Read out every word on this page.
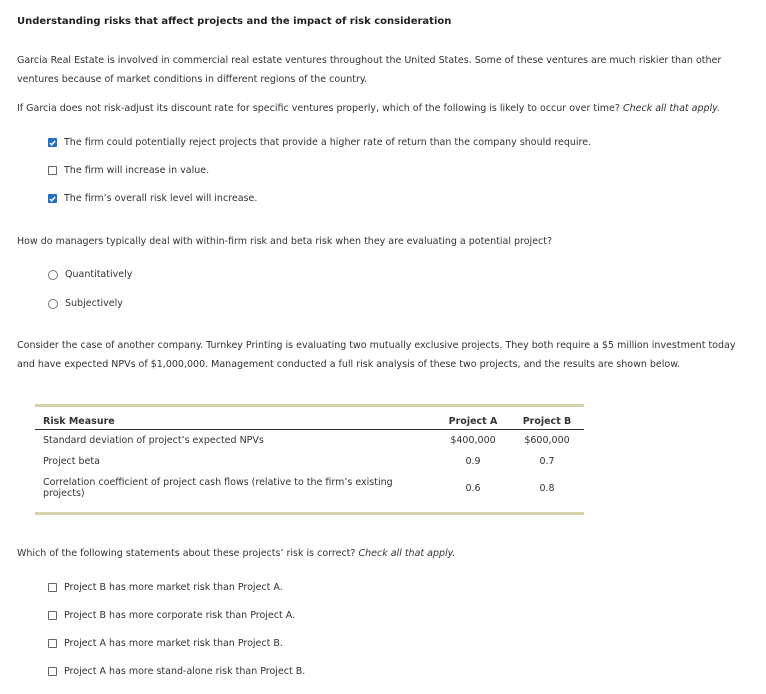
Understanding risks that affect projects and the impact of risk consideration
Garcia Real Estate is involved in commercial real estate ventures throughout the United States. Some of these ventures are much riskier than other ventures because of market conditions in different regions of the country.
If Garcia does not risk-adjust its discount rate for specific ventures properly, which of the following is likely to occur over time? Check all that apply.
The firm could potentially reject projects that provide a higher rate of return than the company should require.
The firm will increase in value.
The firm’s overall risk level will increase.
How do managers typically deal with within-firm risk and beta risk when they are evaluating a potential project?
Quantitatively
Subjectively
Consider the case of another company. Turnkey Printing is evaluating two mutually exclusive projects. They both require a $5 million investment today and have expected NPVs of $1,000,000. Management conducted a full risk analysis of these two projects, and the results are shown below.
Risk Measure	Project A	Project B
Standard deviation of project’s expected NPVs	$400,000	$600,000
Project beta	0.9	0.7
Correlation coefficient of project cash flows (relative to the firm’s existing projects)	0.6	0.8
Which of the following statements about these projects’ risk is correct? Check all that apply.
Project B has more market risk than Project A.
Project B has more corporate risk than Project A.
Project A has more market risk than Project B.
Project A has more stand-alone risk than Project B.
